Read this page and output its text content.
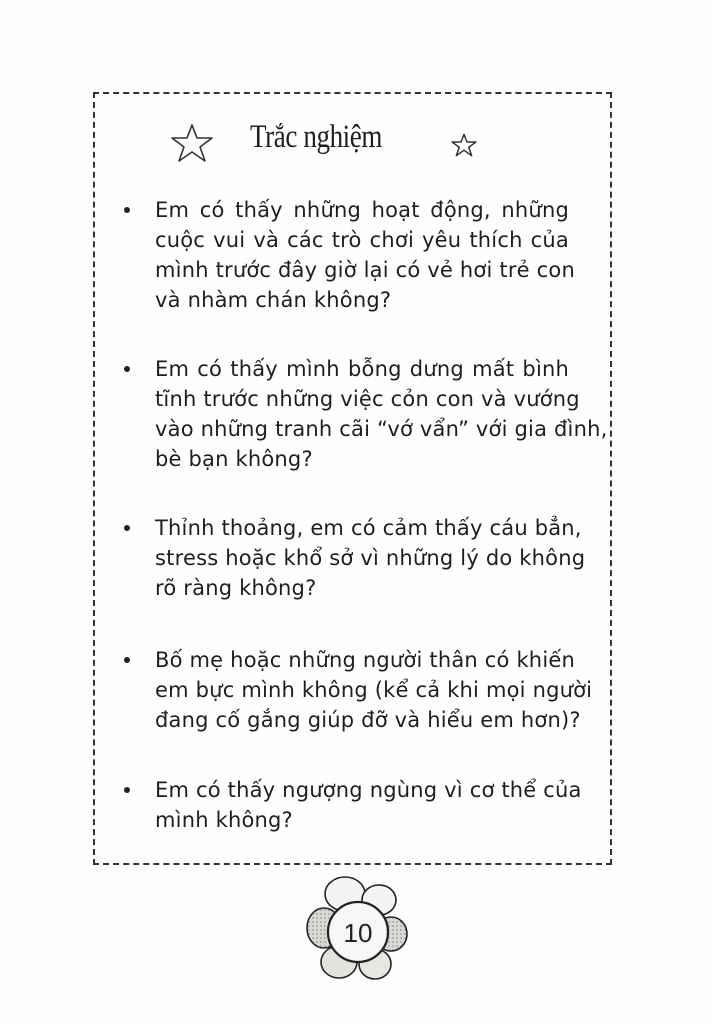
Trắc nghiệm
Em có thấy những hoạt động, những
cuộc vui và các trò chơi yêu thích của
mình trước đây giờ lại có vẻ hơi trẻ con
và nhàm chán không?
Em có thấy mình bỗng dưng mất bình
tĩnh trước những việc cỏn con và vướng
vào những tranh cãi “vớ vẩn” với gia đình,
bè bạn không?
Thỉnh thoảng, em có cảm thấy cáu bẳn,
stress hoặc khổ sở vì những lý do không
rõ ràng không?
Bố mẹ hoặc những người thân có khiến
em bực mình không (kể cả khi mọi người
đang cố gắng giúp đỡ và hiểu em hơn)?
Em có thấy ngượng ngùng vì cơ thể của
mình không?
10
